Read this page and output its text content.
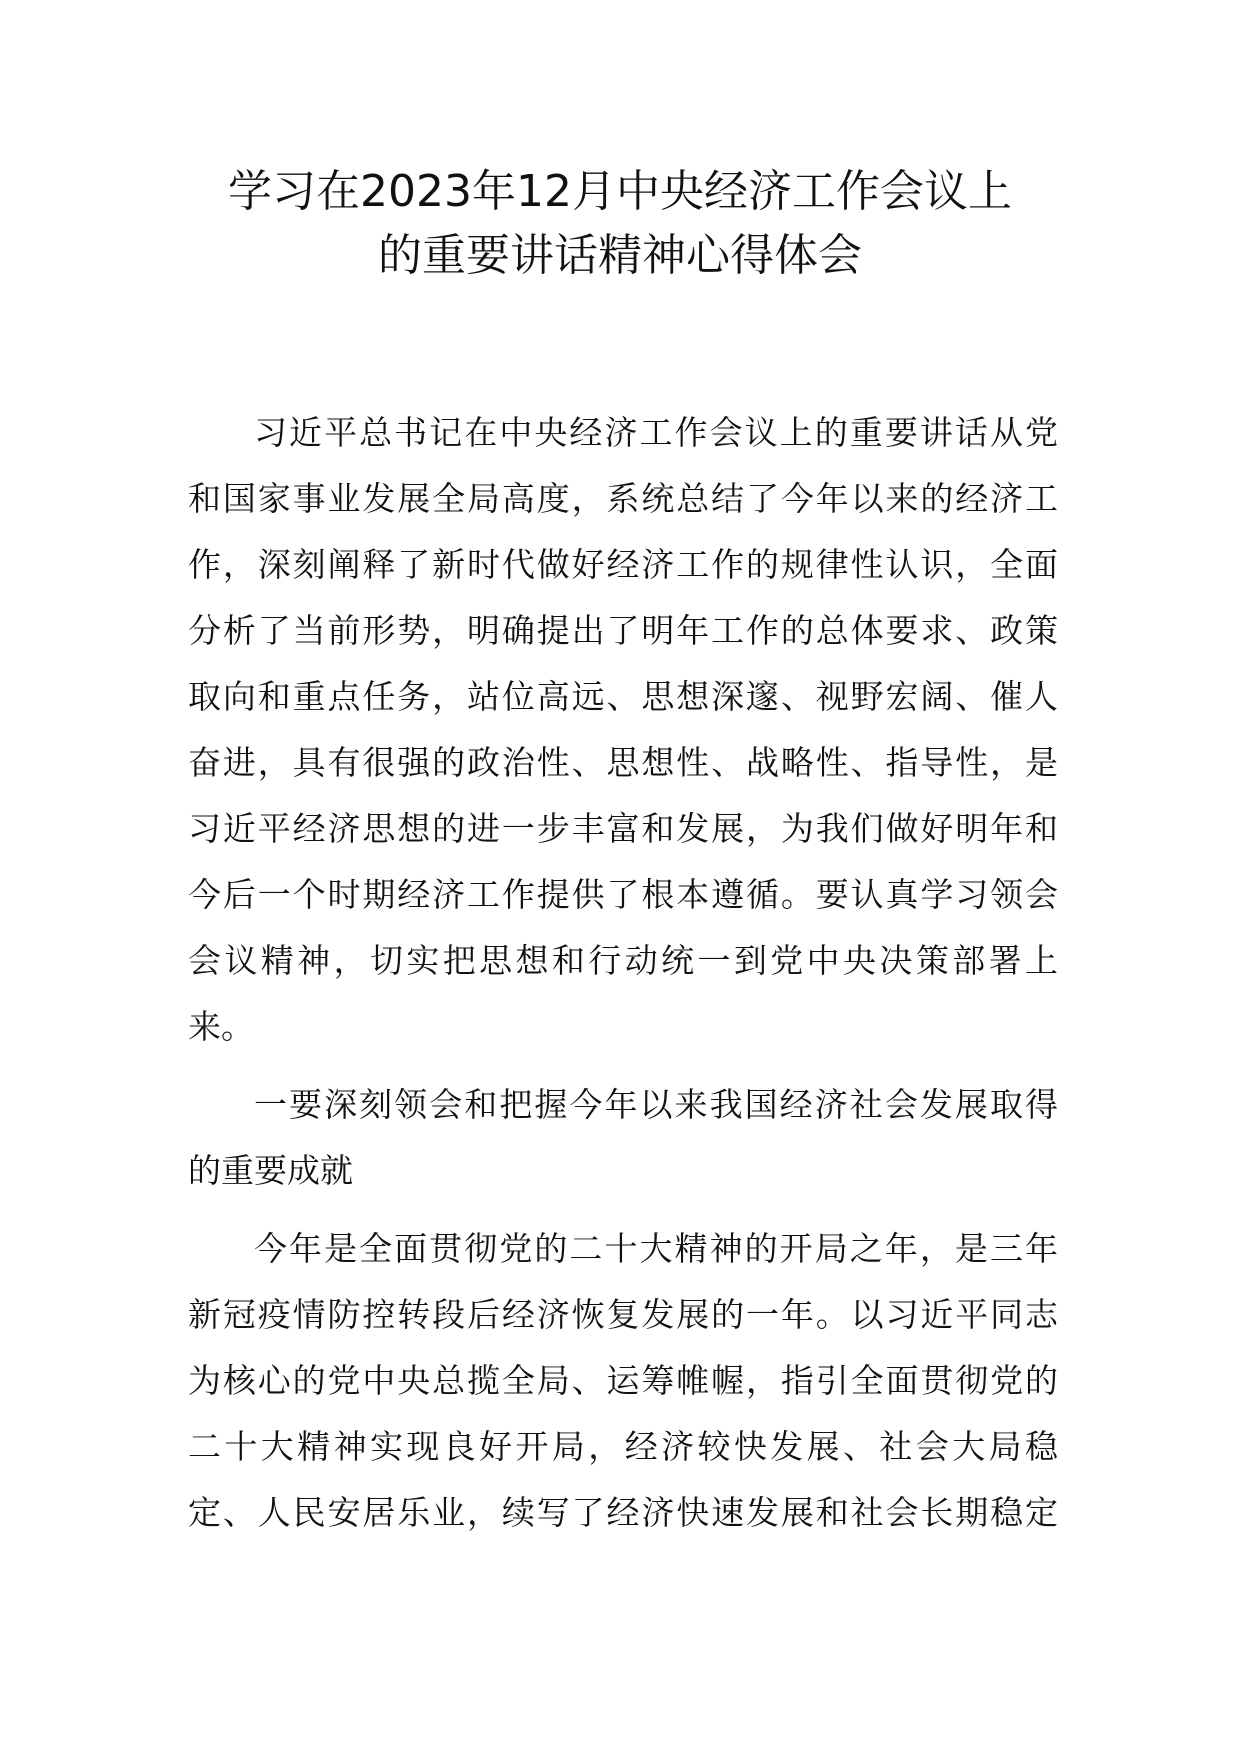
学习在2023年12月中央经济工作会议上
的重要讲话精神心得体会
习近平总书记在中央经济工作会议上的重要讲话从党
和国家事业发展全局高度，系统总结了今年以来的经济工
作，深刻阐释了新时代做好经济工作的规律性认识，全面
分析了当前形势，明确提出了明年工作的总体要求、政策
取向和重点任务，站位高远、思想深邃、视野宏阔、催人
奋进，具有很强的政治性、思想性、战略性、指导性，是
习近平经济思想的进一步丰富和发展，为我们做好明年和
今后一个时期经济工作提供了根本遵循。要认真学习领会
会议精神，切实把思想和行动统一到党中央决策部署上
来。
一要深刻领会和把握今年以来我国经济社会发展取得
的重要成就
今年是全面贯彻党的二十大精神的开局之年，是三年
新冠疫情防控转段后经济恢复发展的一年。以习近平同志
为核心的党中央总揽全局、运筹帷幄，指引全面贯彻党的
二十大精神实现良好开局，经济较快发展、社会大局稳
定、人民安居乐业，续写了经济快速发展和社会长期稳定
